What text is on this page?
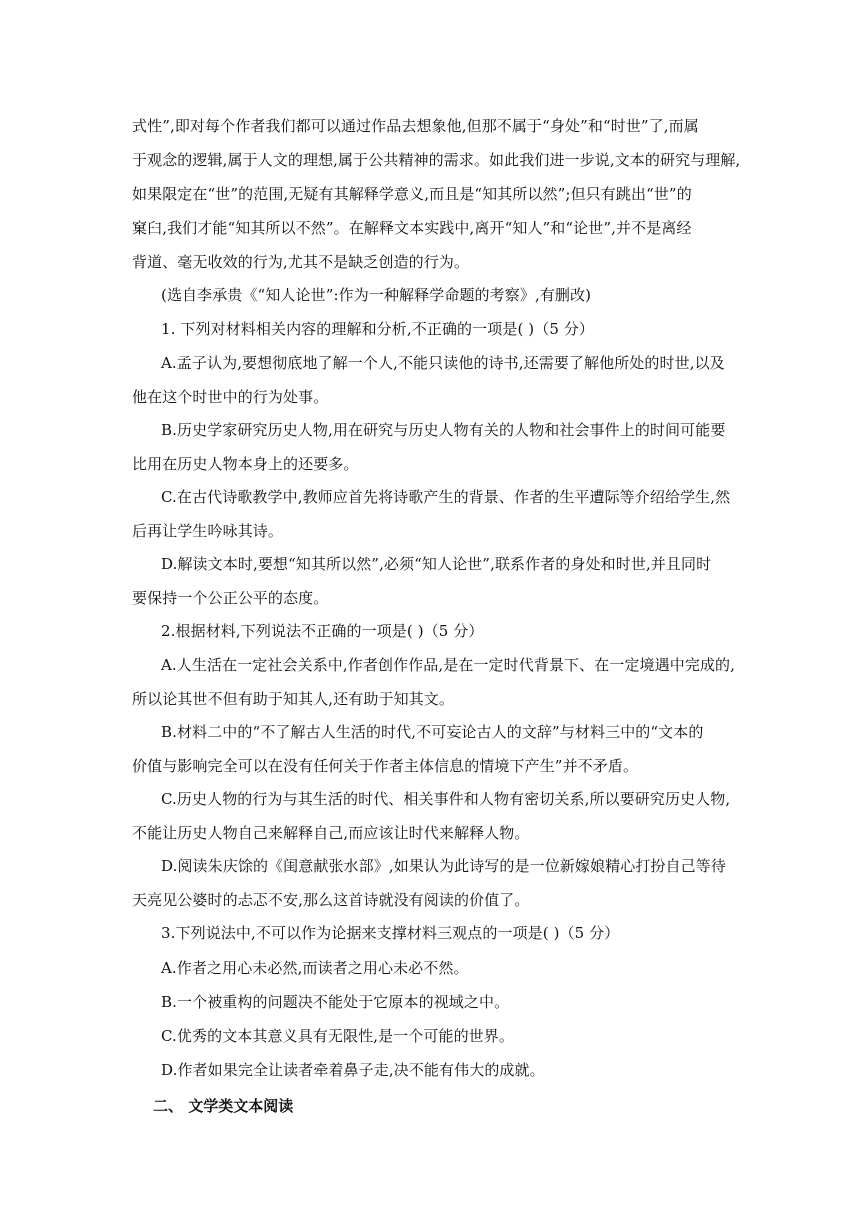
式性”,即对每个作者我们都可以通过作品去想象他,但那不属于“身处”和“时世”了,而属
于观念的逻辑,属于人文的理想,属于公共精神的需求。如此我们进一步说,文本的研究与理解,
如果限定在“世”的范围,无疑有其解释学意义,而且是“知其所以然”;但只有跳出“世”的
窠臼,我们才能“知其所以不然”。在解释文本实践中,离开“知人”和“论世”,并不是离经
背道、毫无收效的行为,尤其不是缺乏创造的行为。
(选自李承贵《“知人论世”:作为一种解释学命题的考察》,有删改)
1. 下列对材料相关内容的理解和分析,不正确的一项是( )（5 分）
A.孟子认为,要想彻底地了解一个人,不能只读他的诗书,还需要了解他所处的时世,以及
他在这个时世中的行为处事。
B.历史学家研究历史人物,用在研究与历史人物有关的人物和社会事件上的时间可能要
比用在历史人物本身上的还要多。
C.在古代诗歌教学中,教师应首先将诗歌产生的背景、作者的生平遭际等介绍给学生,然
后再让学生吟咏其诗。
D.解读文本时,要想“知其所以然”,必须“知人论世”,联系作者的身处和时世,并且同时
要保持一个公正公平的态度。
2.根据材料,下列说法不正确的一项是( )（5 分）
A.人生活在一定社会关系中,作者创作作品,是在一定时代背景下、在一定境遇中完成的,
所以论其世不但有助于知其人,还有助于知其文。
B.材料二中的“不了解古人生活的时代,不可妄论古人的文辞”与材料三中的“文本的
价值与影响完全可以在没有任何关于作者主体信息的情境下产生”并不矛盾。
C.历史人物的行为与其生活的时代、相关事件和人物有密切关系,所以要研究历史人物,
不能让历史人物自己来解释自己,而应该让时代来解释人物。
D.阅读朱庆馀的《闺意献张水部》,如果认为此诗写的是一位新嫁娘精心打扮自己等待
天亮见公婆时的忐忑不安,那么这首诗就没有阅读的价值了。
3.下列说法中,不可以作为论据来支撑材料三观点的一项是( )（5 分）
A.作者之用心未必然,而读者之用心未必不然。
B.一个被重构的问题决不能处于它原本的视域之中。
C.优秀的文本其意义具有无限性,是一个可能的世界。
D.作者如果完全让读者牵着鼻子走,决不能有伟大的成就。
二、 文学类文本阅读
